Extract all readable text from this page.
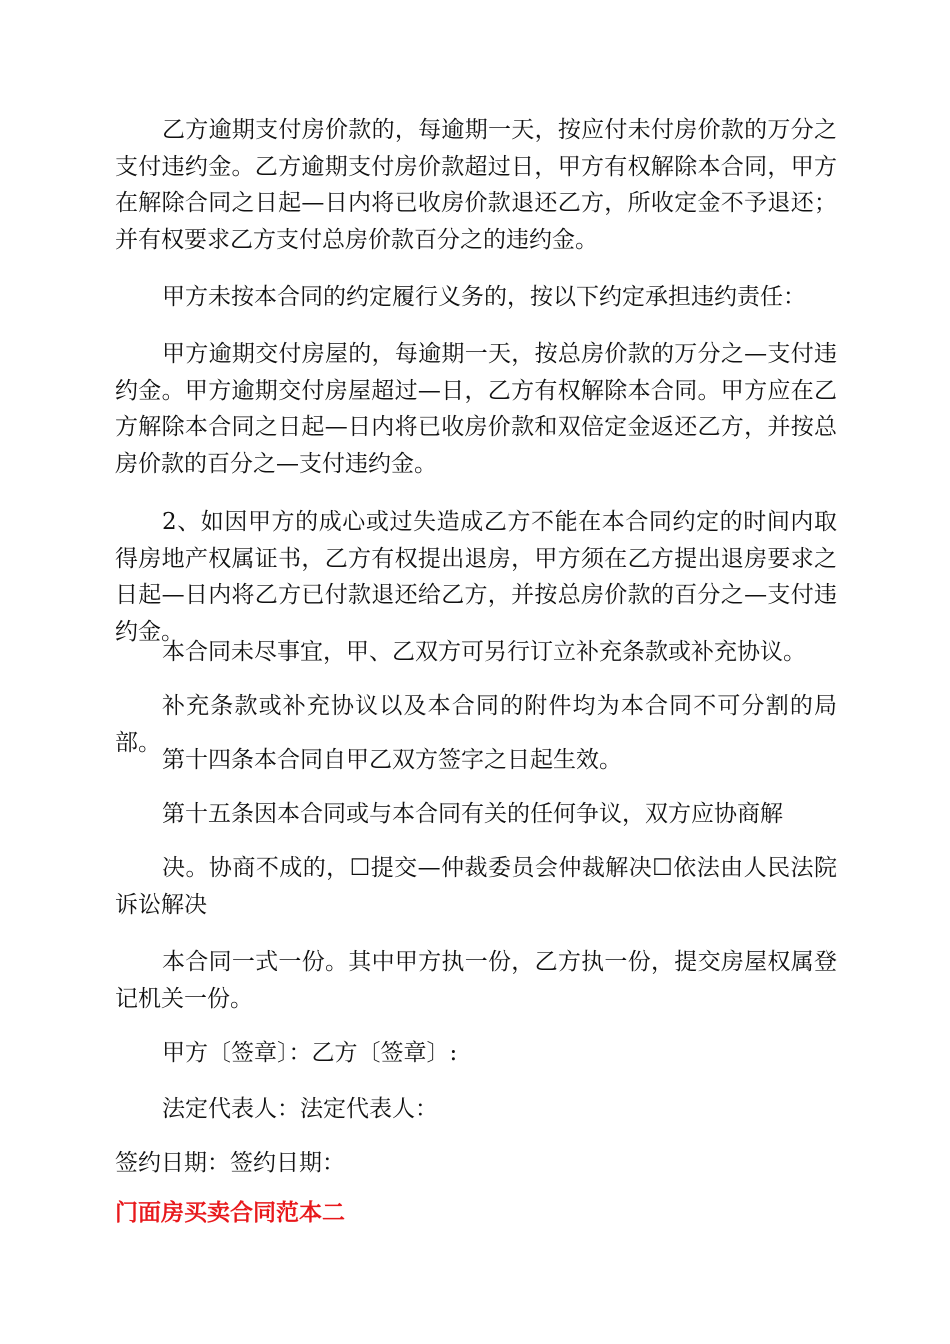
乙方逾期支付房价款的，每逾期一天，按应付未付房价款的万分之支付违约金。乙方逾期支付房价款超过日，甲方有权解除本合同，甲方在解除合同之日起—日内将已收房价款退还乙方，所收定金不予退还；并有权要求乙方支付总房价款百分之的违约金。

甲方未按本合同的约定履行义务的，按以下约定承担违约责任：

甲方逾期交付房屋的，每逾期一天，按总房价款的万分之—支付违约金。甲方逾期交付房屋超过—日，乙方有权解除本合同。甲方应在乙方解除本合同之日起—日内将已收房价款和双倍定金返还乙方，并按总房价款的百分之—支付违约金。

2、如因甲方的成心或过失造成乙方不能在本合同约定的时间内取得房地产权属证书，乙方有权提出退房，甲方须在乙方提出退房要求之日起—日内将乙方已付款退还给乙方，并按总房价款的百分之—支付违约金。

本合同未尽事宜，甲、乙双方可另行订立补充条款或补充协议。

补充条款或补充协议以及本合同的附件均为本合同不可分割的局部。

第十四条本合同自甲乙双方签字之日起生效。

第十五条因本合同或与本合同有关的任何争议，双方应协商解

决。协商不成的，☐提交—仲裁委员会仲裁解决☐依法由人民法院诉讼解决

本合同一式一份。其中甲方执一份，乙方执一份，提交房屋权属登记机关一份。

甲方〔签章〕：乙方〔签章〕:

法定代表人：法定代表人：

签约日期：签约日期：

门面房买卖合同范本二
